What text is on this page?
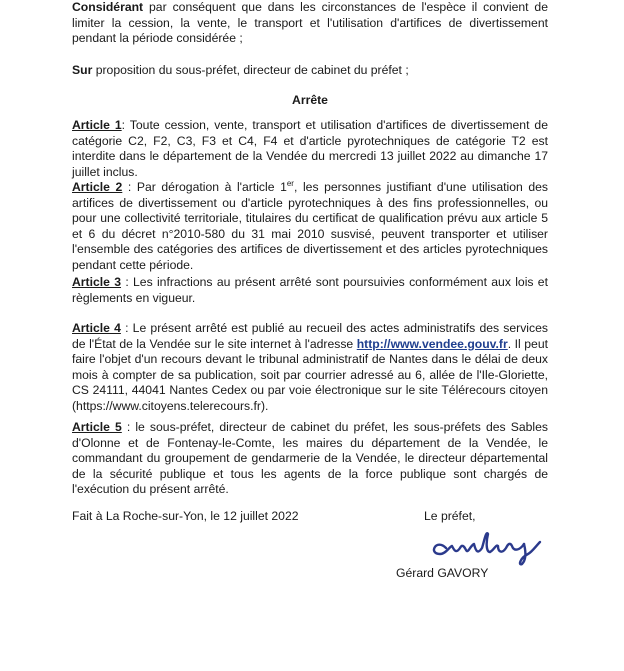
Considérant par conséquent que dans les circonstances de l'espèce il convient de limiter la cession, la vente, le transport et l'utilisation d'artifices de divertissement pendant la période considérée ;

Sur proposition du sous-préfet, directeur de cabinet du préfet ;

Arrête

Article 1: Toute cession, vente, transport et utilisation d'artifices de divertissement de catégorie C2, F2, C3, F3 et C4, F4 et d'article pyrotechniques de catégorie T2 est interdite dans le département de la Vendée du mercredi 13 juillet 2022 au dimanche 17 juillet inclus.

Article 2 : Par dérogation à l'article 1er, les personnes justifiant d'une utilisation des artifices de divertissement ou d'article pyrotechniques à des fins professionnelles, ou pour une collectivité territoriale, titulaires du certificat de qualification prévu aux article 5 et 6 du décret n°2010-580 du 31 mai 2010 susvisé, peuvent transporter et utiliser l'ensemble des catégories des artifices de divertissement et des articles pyrotechniques pendant cette période.

Article 3 : Les infractions au présent arrêté sont poursuivies conformément aux lois et règlements en vigueur.

Article 4 : Le présent arrêté est publié au recueil des actes administratifs des services de l'État de la Vendée sur le site internet à l'adresse http://www.vendee.gouv.fr. Il peut faire l'objet d'un recours devant le tribunal administratif de Nantes dans le délai de deux mois à compter de sa publication, soit par courrier adressé au 6, allée de l'Ile-Gloriette, CS 24111, 44041 Nantes Cedex ou par voie électronique sur le site Télérecours citoyen (https://www.citoyens.telerecours.fr).

Article 5 : le sous-préfet, directeur de cabinet du préfet, les sous-préfets des Sables d'Olonne et de Fontenay-le-Comte, les maires du département de la Vendée, le commandant du groupement de gendarmerie de la Vendée, le directeur départemental de la sécurité publique et tous les agents de la force publique sont chargés de l'exécution du présent arrêté.

Fait à La Roche-sur-Yon, le 12 juillet 2022	Le préfet,
Gérard GAVORY
